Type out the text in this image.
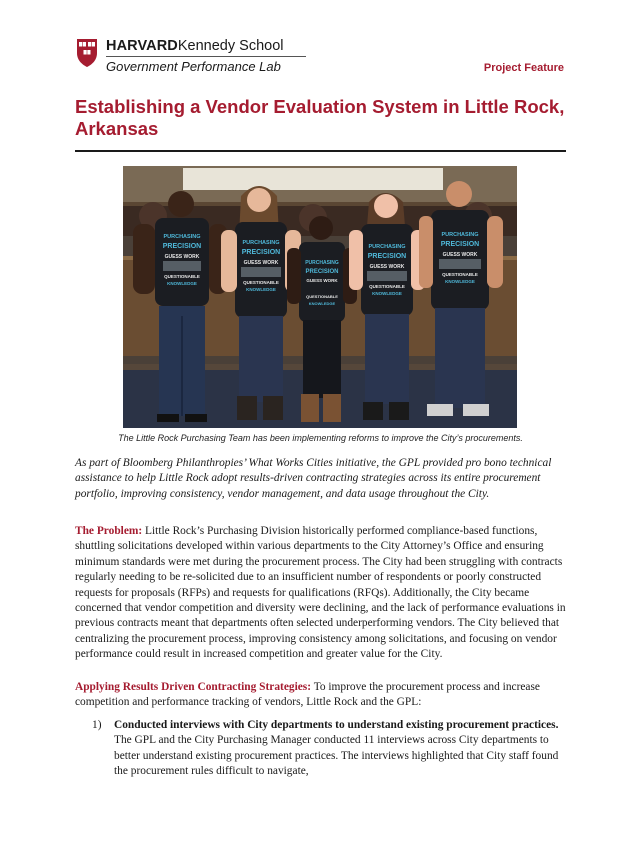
HARVARDKennedy School
Government Performance Lab	Project Feature
Establishing a Vendor Evaluation System in Little Rock, Arkansas
PURCHASING
PRECISION
GUESS WORK
QUESTIONABLE
KNOWLEDGE
PURCHASING
PRECISION
GUESS WORK
QUESTIONABLE
KNOWLEDGE
PURCHASING
PRECISION
GUESS WORK
QUESTIONABLE
KNOWLEDGE
PURCHASING
PRECISION
GUESS WORK
QUESTIONABLE
KNOWLEDGE
PURCHASING
PRECISION
GUESS WORK
QUESTIONABLE
KNOWLEDGE
The Little Rock Purchasing Team has been implementing reforms to improve the City’s procurements.

As part of Bloomberg Philanthropies’ What Works Cities initiative, the GPL provided pro bono technical assistance to help Little Rock adopt results-driven contracting strategies across its entire procurement portfolio, improving consistency, vendor management, and data usage throughout the City.

The Problem: Little Rock’s Purchasing Division historically performed compliance-based functions, shuttling solicitations developed within various departments to the City Attorney’s Office and ensuring minimum standards were met during the procurement process. The City had been struggling with contracts regularly needing to be re-solicited due to an insufficient number of respondents or poorly constructed requests for proposals (RFPs) and requests for qualifications (RFQs). Additionally, the City became concerned that vendor competition and diversity were declining, and the lack of performance evaluations in previous contracts meant that departments often selected underperforming vendors. The City believed that centralizing the procurement process, improving consistency among solicitations, and focusing on vendor performance could result in increased competition and greater value for the City.

Applying Results Driven Contracting Strategies: To improve the procurement process and increase competition and performance tracking of vendors, Little Rock and the GPL:

1)	Conducted interviews with City departments to understand existing procurement practices. The GPL and the City Purchasing Manager conducted 11 interviews across City departments to better understand existing procurement practices. The interviews highlighted that City staff found the procurement rules difficult to navigate,
